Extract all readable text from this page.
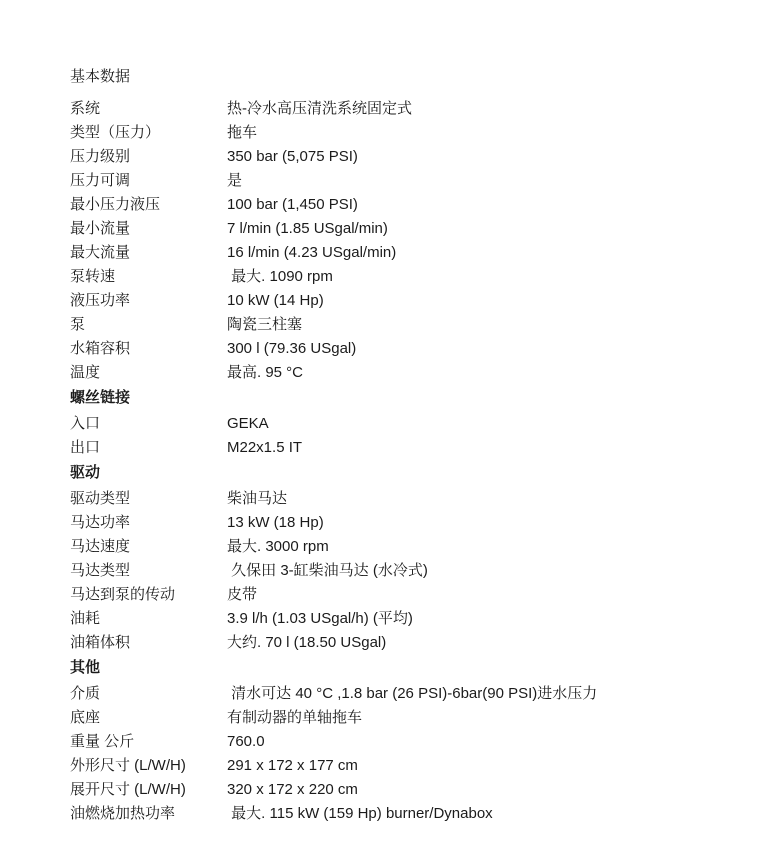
基本数据
系统	热-冷水高压清洗系统固定式
类型（压力）	拖车
压力级别	350 bar (5,075 PSI)
压力可调	是
最小压力液压	100 bar (1,450 PSI)
最小流量	7 l/min (1.85 USgal/min)
最大流量	16 l/min (4.23 USgal/min)
泵转速	最大. 1090 rpm
液压功率	10 kW (14 Hp)
泵	陶瓷三柱塞
水箱容积	300 l (79.36 USgal)
温度	最高. 95 °C
螺丝链接
入口	GEKA
出口	M22x1.5 IT
驱动
驱动类型	柴油马达
马达功率	13 kW (18 Hp)
马达速度	最大. 3000 rpm
马达类型	久保田 3-缸柴油马达 (水冷式)
马达到泵的传动	皮带
油耗	3.9 l/h (1.03 USgal/h) (平均)
油箱体积	大约. 70 l (18.50 USgal)
其他
介质	清水可达 40 °C ,1.8 bar (26 PSI)-6bar(90 PSI)进水压力
底座	有制动器的单轴拖车
重量 公斤	760.0
外形尺寸 (L/W/H)	291 x 172 x 177 cm
展开尺寸 (L/W/H)	320 x 172 x 220 cm
油燃烧加热功率	最大. 115 kW (159 Hp) burner/Dynabox
